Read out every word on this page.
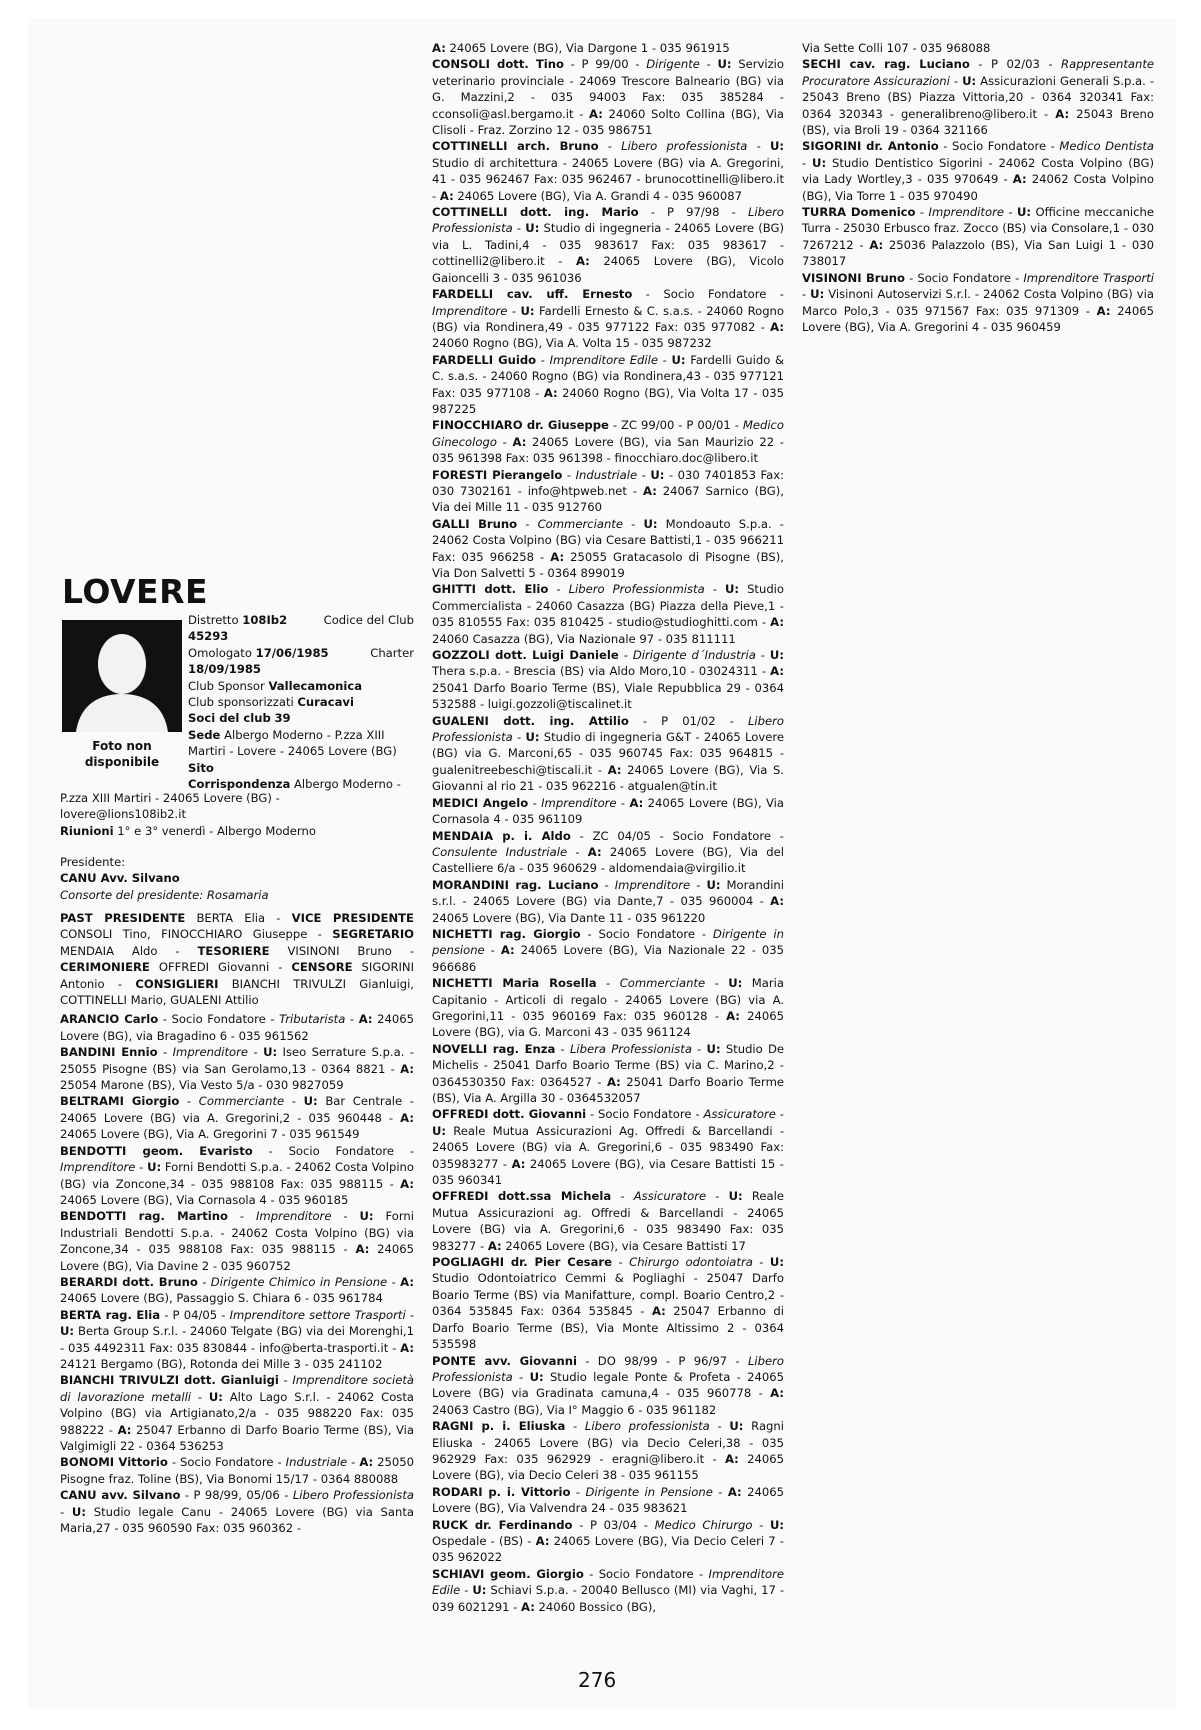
LOVERE
Foto non
disponibile
Distretto 108Ib2	Codice del Club
45293
Omologato 17/06/1985	Charter
18/09/1985
Club Sponsor Vallecamonica
Club sponsorizzati Curacavi
Soci del club 39
Sede Albergo Moderno - P.zza XIII Martiri - Lovere - 24065 Lovere (BG)
Sito
Corrispondenza Albergo Moderno -
P.zza XIII Martiri - 24065 Lovere (BG) -
lovere@lions108ib2.it
Riunioni 1° e 3° venerdì - Albergo Moderno
Presidente:
CANU Avv. Silvano
Consorte del presidente: Rosamaria

PAST PRESIDENTE BERTA Elia - VICE PRESIDENTE CONSOLI Tino, FINOCCHIARO Giuseppe - SEGRETARIO MENDAIA Aldo - TESORIERE VISINONI Bruno - CERIMONIERE OFFREDI Giovanni - CENSORE SIGORINI Antonio - CONSIGLIERI BIANCHI TRIVULZI Gianluigi, COTTINELLI Mario, GUALENI Attilio

ARANCIO Carlo - Socio Fondatore - Tributarista - A: 24065 Lovere (BG), via Bragadino 6 - 035 961562

BANDINI Ennio - Imprenditore - U: Iseo Serrature S.p.a. - 25055 Pisogne (BS) via San Gerolamo,13 - 0364 8821 - A: 25054 Marone (BS), Via Vesto 5/a - 030 9827059

BELTRAMI Giorgio - Commerciante - U: Bar Centrale - 24065 Lovere (BG) via A. Gregorini,2 - 035 960448 - A: 24065 Lovere (BG), Via A. Gregorini 7 - 035 961549

BENDOTTI geom. Evaristo - Socio Fondatore - Imprenditore - U: Forni Bendotti S.p.a. - 24062 Costa Volpino (BG) via Zoncone,34 - 035 988108 Fax: 035 988115 - A: 24065 Lovere (BG), Via Cornasola 4 - 035 960185

BENDOTTI rag. Martino - Imprenditore - U: Forni Industriali Bendotti S.p.a. - 24062 Costa Volpino (BG) via Zoncone,34 - 035 988108 Fax: 035 988115 - A: 24065 Lovere (BG), Via Davine 2 - 035 960752

BERARDI dott. Bruno - Dirigente Chimico in Pensione - A: 24065 Lovere (BG), Passaggio S. Chiara 6 - 035 961784

BERTA rag. Elia - P 04/05 - Imprenditore settore Trasporti - U: Berta Group S.r.l. - 24060 Telgate (BG) via dei Morenghi,1 - 035 4492311 Fax: 035 830844 - info@berta-trasporti.it - A: 24121 Bergamo (BG), Rotonda dei Mille 3 - 035 241102

BIANCHI TRIVULZI dott. Gianluigi - Imprenditore società di lavorazione metalli - U: Alto Lago S.r.l. - 24062 Costa Volpino (BG) via Artigianato,2/a - 035 988220 Fax: 035 988222 - A: 25047 Erbanno di Darfo Boario Terme (BS), Via Valgimigli 22 - 0364 536253

BONOMI Vittorio - Socio Fondatore - Industriale - A: 25050 Pisogne fraz. Toline (BS), Via Bonomi 15/17 - 0364 880088

CANU avv. Silvano - P 98/99, 05/06 - Libero Professionista - U: Studio legale Canu - 24065 Lovere (BG) via Santa Maria,27 - 035 960590 Fax: 035 960362 -

A: 24065 Lovere (BG), Via Dargone 1 - 035 961915

CONSOLI dott. Tino - P 99/00 - Dirigente - U: Servizio veterinario provinciale - 24069 Trescore Balneario (BG) via G. Mazzini,2 - 035 94003 Fax: 035 385284 - cconsoli@asl.bergamo.it - A: 24060 Solto Collina (BG), Via Clisoli - Fraz. Zorzino 12 - 035 986751

COTTINELLI arch. Bruno - Libero professionista - U: Studio di architettura - 24065 Lovere (BG) via A. Gregorini, 41 - 035 962467 Fax: 035 962467 - brunocottinelli@libero.it - A: 24065 Lovere (BG), Via A. Grandi 4 - 035 960087

COTTINELLI dott. ing. Mario - P 97/98 - Libero Professionista - U: Studio di ingegneria - 24065 Lovere (BG) via L. Tadini,4 - 035 983617 Fax: 035 983617 - cottinelli2@libero.it - A: 24065 Lovere (BG), Vicolo Gaioncelli 3 - 035 961036

FARDELLI cav. uff. Ernesto - Socio Fondatore - Imprenditore - U: Fardelli Ernesto & C. s.a.s. - 24060 Rogno (BG) via Rondinera,49 - 035 977122 Fax: 035 977082 - A: 24060 Rogno (BG), Via A. Volta 15 - 035 987232

FARDELLI Guido - Imprenditore Edile - U: Fardelli Guido & C. s.a.s. - 24060 Rogno (BG) via Rondinera,43 - 035 977121 Fax: 035 977108 - A: 24060 Rogno (BG), Via Volta 17 - 035 987225

FINOCCHIARO dr. Giuseppe - ZC 99/00 - P 00/01 - Medico Ginecologo - A: 24065 Lovere (BG), via San Maurizio 22 - 035 961398 Fax: 035 961398 - finocchiaro.doc@libero.it

FORESTI Pierangelo - Industriale - U: - 030 7401853 Fax: 030 7302161 - info@htpweb.net - A: 24067 Sarnico (BG), Via dei Mille 11 - 035 912760

GALLI Bruno - Commerciante - U: Mondoauto S.p.a. - 24062 Costa Volpino (BG) via Cesare Battisti,1 - 035 966211 Fax: 035 966258 - A: 25055 Gratacasolo di Pisogne (BS), Via Don Salvetti 5 - 0364 899019

GHITTI dott. Elio - Libero Professionmista - U: Studio Commercialista - 24060 Casazza (BG) Piazza della Pieve,1 - 035 810555 Fax: 035 810425 - studio@studioghitti.com - A: 24060 Casazza (BG), Via Nazionale 97 - 035 811111

GOZZOLI dott. Luigi Daniele - Dirigente d´Industria - U: Thera s.p.a. - Brescia (BS) via Aldo Moro,10 - 03024311 - A: 25041 Darfo Boario Terme (BS), Viale Repubblica 29 - 0364 532588 - luigi.gozzoli@tiscalinet.it

GUALENI dott. ing. Attilio - P 01/02 - Libero Professionista - U: Studio di ingegneria G&T - 24065 Lovere (BG) via G. Marconi,65 - 035 960745 Fax: 035 964815 - gualenitreebeschi@tiscali.it - A: 24065 Lovere (BG), Via S. Giovanni al rio 21 - 035 962216 - atgualen@tin.it

MEDICI Angelo - Imprenditore - A: 24065 Lovere (BG), Via Cornasola 4 - 035 961109

MENDAIA p. i. Aldo - ZC 04/05 - Socio Fondatore - Consulente Industriale - A: 24065 Lovere (BG), Via del Castelliere 6/a - 035 960629 - aldomendaia@virgilio.it

MORANDINI rag. Luciano - Imprenditore - U: Morandini s.r.l. - 24065 Lovere (BG) via Dante,7 - 035 960004 - A: 24065 Lovere (BG), Via Dante 11 - 035 961220

NICHETTI rag. Giorgio - Socio Fondatore - Dirigente in pensione - A: 24065 Lovere (BG), Via Nazionale 22 - 035 966686

NICHETTI Maria Rosella - Commerciante - U: Maria Capitanio - Articoli di regalo - 24065 Lovere (BG) via A. Gregorini,11 - 035 960169 Fax: 035 960128 - A: 24065 Lovere (BG), via G. Marconi 43 - 035 961124

NOVELLI rag. Enza - Libera Professionista - U: Studio De Michelis - 25041 Darfo Boario Terme (BS) via C. Marino,2 - 0364530350 Fax: 0364527 - A: 25041 Darfo Boario Terme (BS), Via A. Argilla 30 - 0364532057

OFFREDI dott. Giovanni - Socio Fondatore - Assicuratore - U: Reale Mutua Assicurazioni Ag. Offredi & Barcellandi - 24065 Lovere (BG) via A. Gregorini,6 - 035 983490 Fax: 035983277 - A: 24065 Lovere (BG), via Cesare Battisti 15 - 035 960341

OFFREDI dott.ssa Michela - Assicuratore - U: Reale Mutua Assicurazioni ag. Offredi & Barcellandi - 24065 Lovere (BG) via A. Gregorini,6 - 035 983490 Fax: 035 983277 - A: 24065 Lovere (BG), via Cesare Battisti 17

POGLIAGHI dr. Pier Cesare - Chirurgo odontoiatra - U: Studio Odontoiatrico Cemmi & Pogliaghi - 25047 Darfo Boario Terme (BS) via Manifatture, compl. Boario Centro,2 - 0364 535845 Fax: 0364 535845 - A: 25047 Erbanno di Darfo Boario Terme (BS), Via Monte Altissimo 2 - 0364 535598

PONTE avv. Giovanni - DO 98/99 - P 96/97 - Libero Professionista - U: Studio legale Ponte & Profeta - 24065 Lovere (BG) via Gradinata camuna,4 - 035 960778 - A: 24063 Castro (BG), Via I° Maggio 6 - 035 961182

RAGNI p. i. Eliuska - Libero professionista - U: Ragni Eliuska - 24065 Lovere (BG) via Decio Celeri,38 - 035 962929 Fax: 035 962929 - eragni@libero.it - A: 24065 Lovere (BG), via Decio Celeri 38 - 035 961155

RODARI p. i. Vittorio - Dirigente in Pensione - A: 24065 Lovere (BG), Via Valvendra 24 - 035 983621

RUCK dr. Ferdinando - P 03/04 - Medico Chirurgo - U: Ospedale - (BS) - A: 24065 Lovere (BG), Via Decio Celeri 7 - 035 962022

SCHIAVI geom. Giorgio - Socio Fondatore - Imprenditore Edile - U: Schiavi S.p.a. - 20040 Bellusco (MI) via Vaghi, 17 - 039 6021291 - A: 24060 Bossico (BG),

Via Sette Colli 107 - 035 968088

SECHI cav. rag. Luciano - P 02/03 - Rappresentante Procuratore Assicurazioni - U: Assicurazioni Generali S.p.a. - 25043 Breno (BS) Piazza Vittoria,20 - 0364 320341 Fax: 0364 320343 - generalibreno@libero.it - A: 25043 Breno (BS), via Broli 19 - 0364 321166

SIGORINI dr. Antonio - Socio Fondatore - Medico Dentista - U: Studio Dentistico Sigorini - 24062 Costa Volpino (BG) via Lady Wortley,3 - 035 970649 - A: 24062 Costa Volpino (BG), Via Torre 1 - 035 970490

TURRA Domenico - Imprenditore - U: Officine meccaniche Turra - 25030 Erbusco fraz. Zocco (BS) via Consolare,1 - 030 7267212 - A: 25036 Palazzolo (BS), Via San Luigi 1 - 030 738017

VISINONI Bruno - Socio Fondatore - Imprenditore Trasporti - U: Visinoni Autoservizi S.r.l. - 24062 Costa Volpino (BG) via Marco Polo,3 - 035 971567 Fax: 035 971309 - A: 24065 Lovere (BG), Via A. Gregorini 4 - 035 960459

276
